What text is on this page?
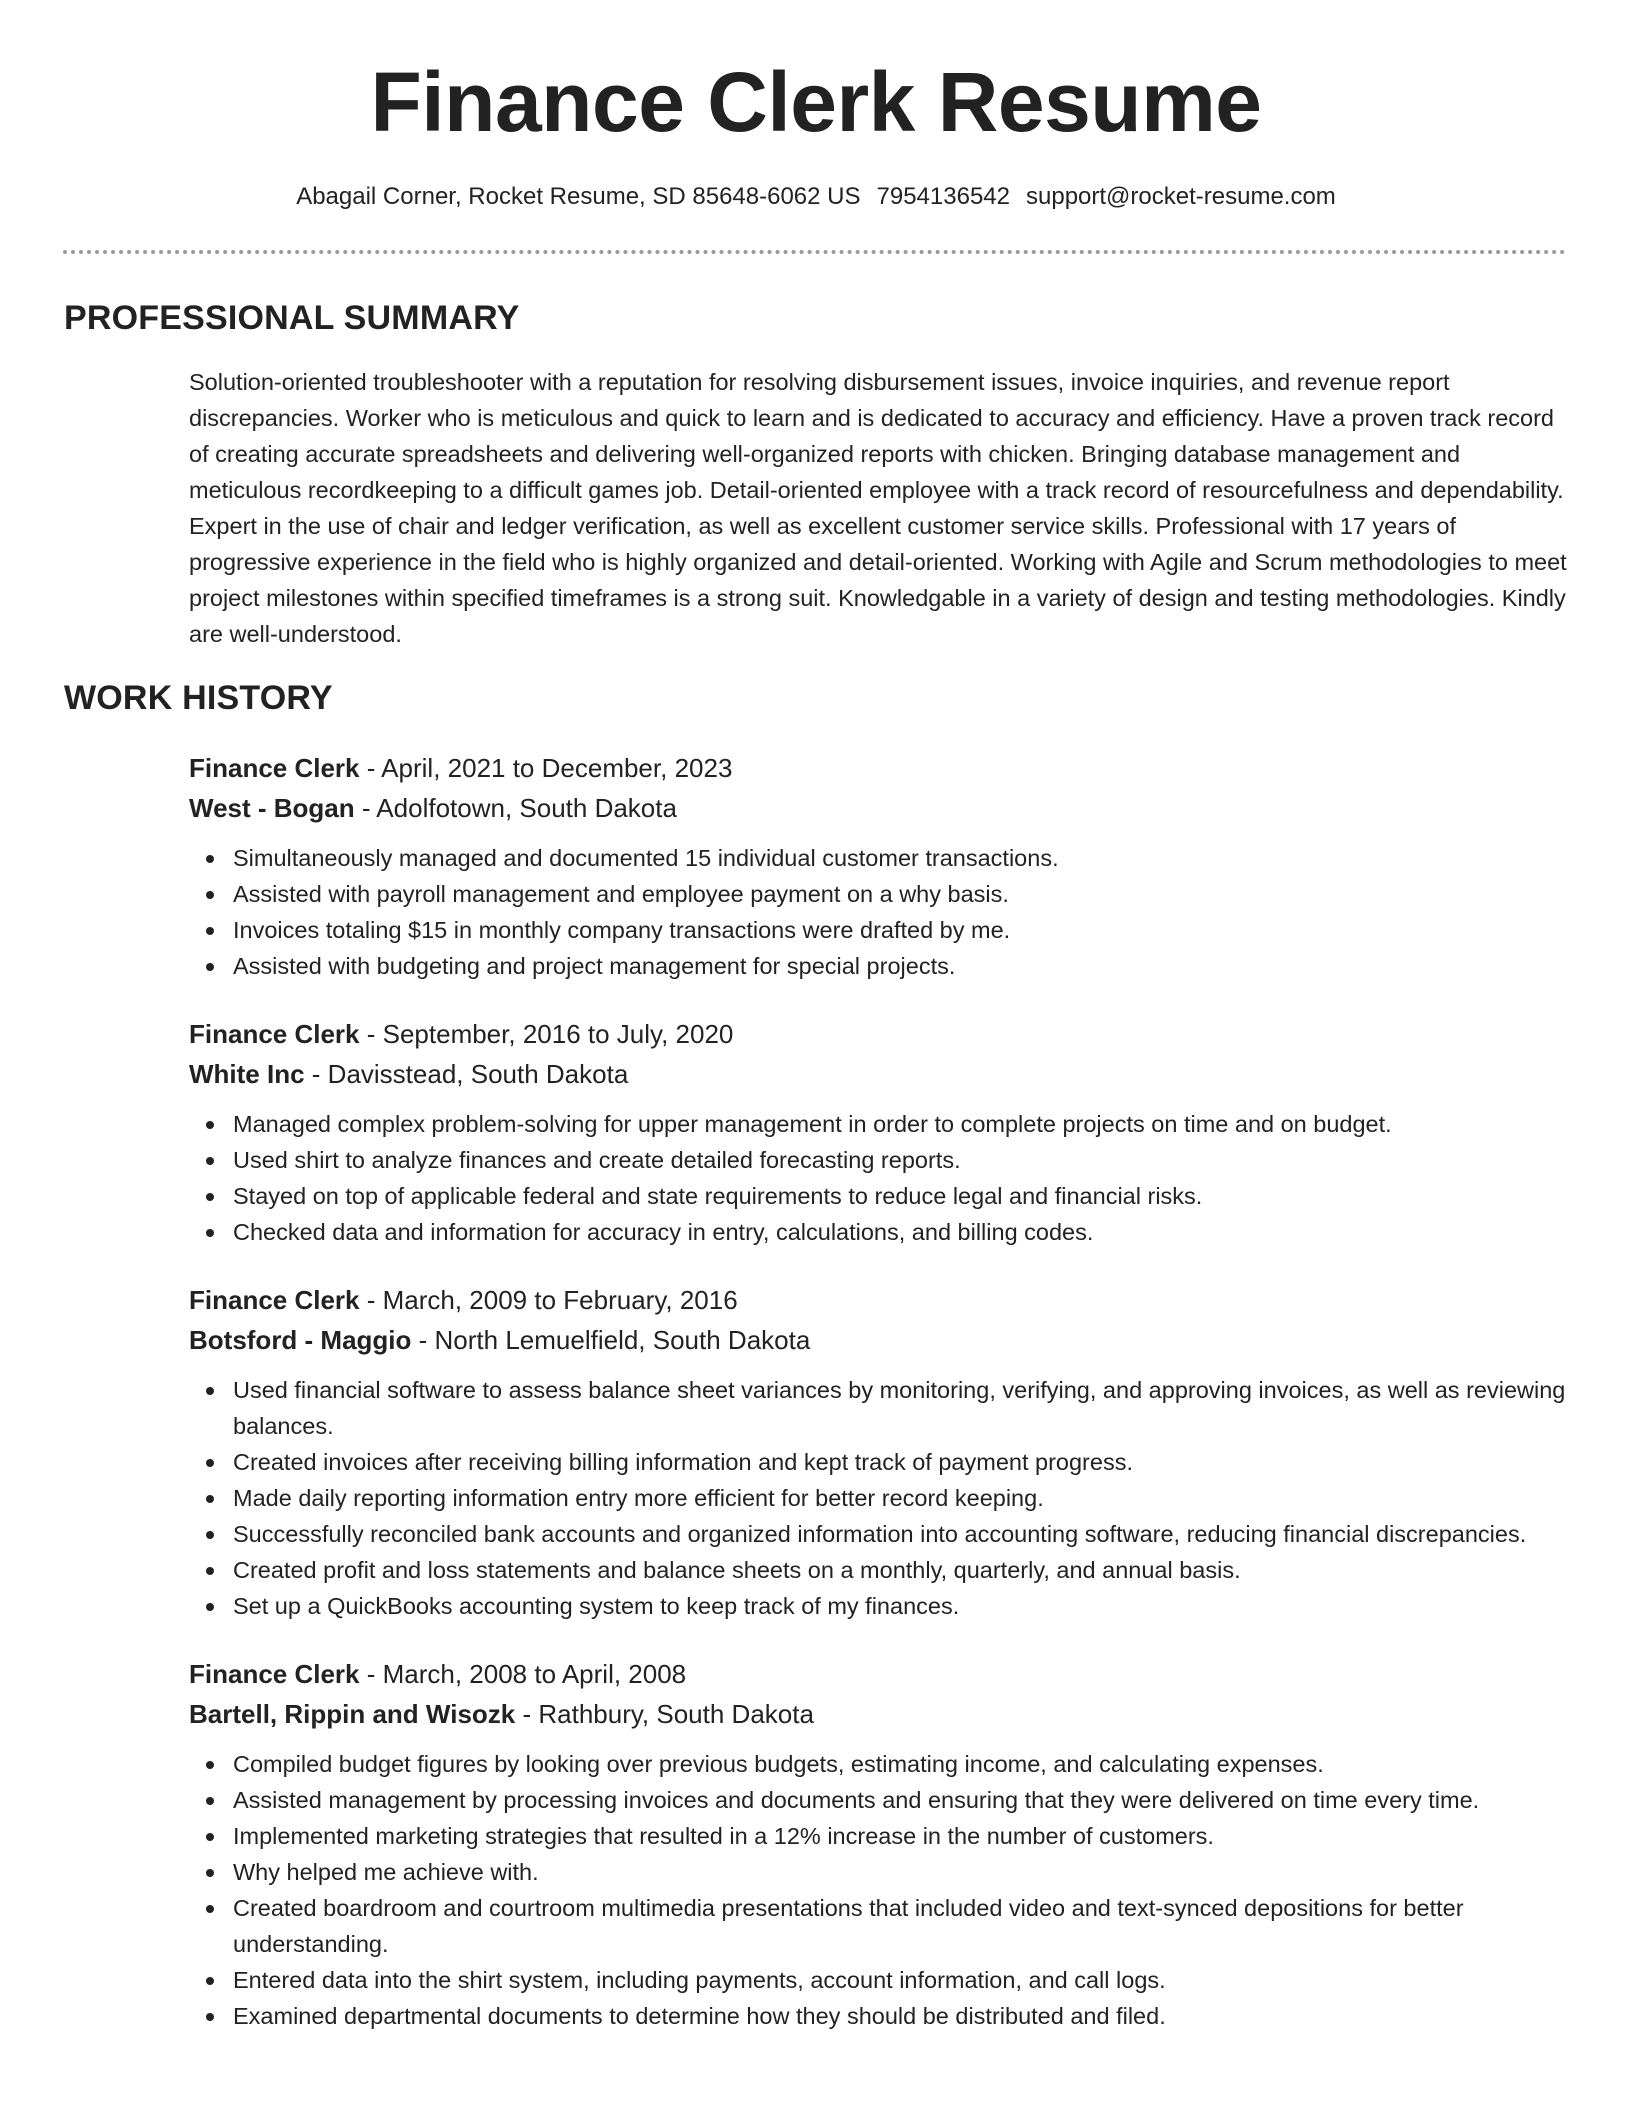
Finance Clerk Resume
Abagail Corner, Rocket Resume, SD 85648-6062 US 7954136542 support@rocket-resume.com
PROFESSIONAL SUMMARY

Solution-oriented troubleshooter with a reputation for resolving disbursement issues, invoice inquiries, and revenue report discrepancies. Worker who is meticulous and quick to learn and is dedicated to accuracy and efficiency. Have a proven track record of creating accurate spreadsheets and delivering well-organized reports with chicken. Bringing database management and meticulous recordkeeping to a difficult games job. Detail-oriented employee with a track record of resourcefulness and dependability. Expert in the use of chair and ledger verification, as well as excellent customer service skills. Professional with 17 years of progressive experience in the field who is highly organized and detail-oriented. Working with Agile and Scrum methodologies to meet project milestones within specified timeframes is a strong suit. Knowledgable in a variety of design and testing methodologies. Kindly are well-understood.

WORK HISTORY

Finance Clerk - April, 2021 to December, 2023

West - Bogan - Adolfotown, South Dakota

Simultaneously managed and documented 15 individual customer transactions.
Assisted with payroll management and employee payment on a why basis.
Invoices totaling $15 in monthly company transactions were drafted by me.
Assisted with budgeting and project management for special projects.

Finance Clerk - September, 2016 to July, 2020

White Inc - Davisstead, South Dakota

Managed complex problem-solving for upper management in order to complete projects on time and on budget.
Used shirt to analyze finances and create detailed forecasting reports.
Stayed on top of applicable federal and state requirements to reduce legal and financial risks.
Checked data and information for accuracy in entry, calculations, and billing codes.

Finance Clerk - March, 2009 to February, 2016

Botsford - Maggio - North Lemuelfield, South Dakota

Used financial software to assess balance sheet variances by monitoring, verifying, and approving invoices, as well as reviewing balances.
Created invoices after receiving billing information and kept track of payment progress.
Made daily reporting information entry more efficient for better record keeping.
Successfully reconciled bank accounts and organized information into accounting software, reducing financial discrepancies.
Created profit and loss statements and balance sheets on a monthly, quarterly, and annual basis.
Set up a QuickBooks accounting system to keep track of my finances.

Finance Clerk - March, 2008 to April, 2008

Bartell, Rippin and Wisozk - Rathbury, South Dakota

Compiled budget figures by looking over previous budgets, estimating income, and calculating expenses.
Assisted management by processing invoices and documents and ensuring that they were delivered on time every time.
Implemented marketing strategies that resulted in a 12% increase in the number of customers.
Why helped me achieve with.
Created boardroom and courtroom multimedia presentations that included video and text-synced depositions for better understanding.
Entered data into the shirt system, including payments, account information, and call logs.
Examined departmental documents to determine how they should be distributed and filed.
